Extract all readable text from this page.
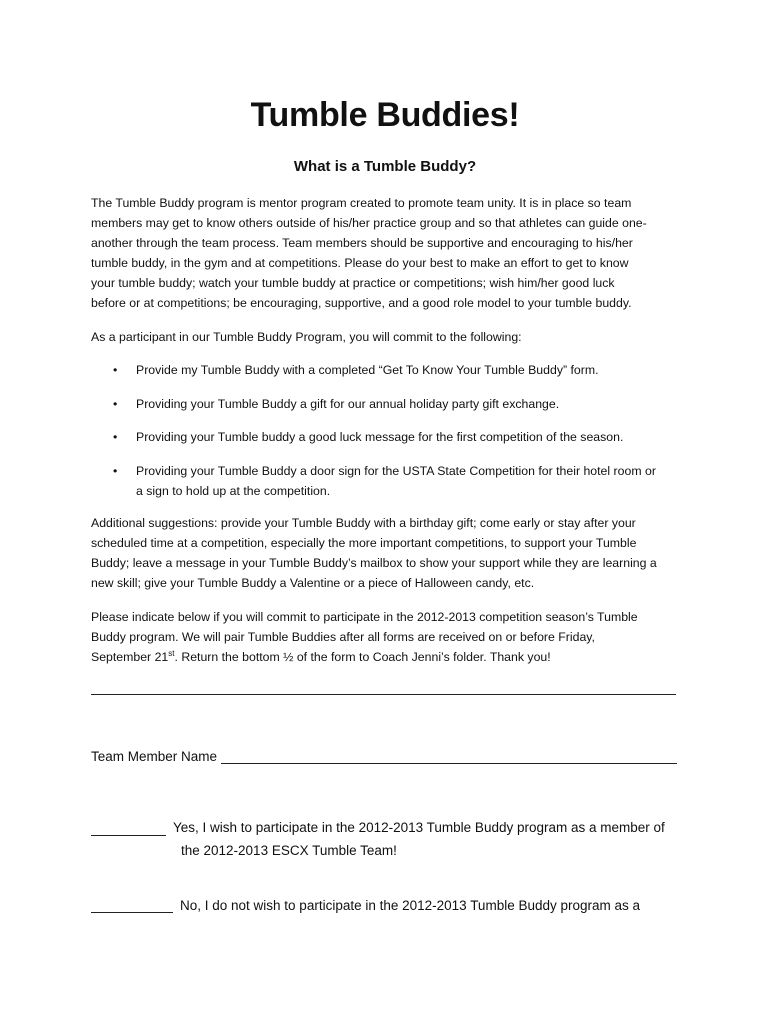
Tumble Buddies!
What is a Tumble Buddy?

The Tumble Buddy program is mentor program created to promote team unity. It is in place so team

members may get to know others outside of his/her practice group and so that athletes can guide one-

another through the team process. Team members should be supportive and encouraging to his/her

tumble buddy, in the gym and at competitions. Please do your best to make an effort to get to know

your tumble buddy; watch your tumble buddy at practice or competitions; wish him/her good luck

before or at competitions; be encouraging, supportive, and a good role model to your tumble buddy.

As a participant in our Tumble Buddy Program, you will commit to the following:

• Provide my Tumble Buddy with a completed “Get To Know Your Tumble Buddy” form.

• Providing your Tumble Buddy a gift for our annual holiday party gift exchange.

• Providing your Tumble buddy a good luck message for the first competition of the season.

• Providing your Tumble Buddy a door sign for the USTA State Competition for their hotel room or

a sign to hold up at the competition.

Additional suggestions: provide your Tumble Buddy with a birthday gift; come early or stay after your

scheduled time at a competition, especially the more important competitions, to support your Tumble

Buddy; leave a message in your Tumble Buddy’s mailbox to show your support while they are learning a

new skill; give your Tumble Buddy a Valentine or a piece of Halloween candy, etc.

Please indicate below if you will commit to participate in the 2012-2013 competition season’s Tumble

Buddy program. We will pair Tumble Buddies after all forms are received on or before Friday,

September 21st. Return the bottom ½ of the form to Coach Jenni’s folder. Thank you!

Team Member Name

Yes, I wish to participate in the 2012-2013 Tumble Buddy program as a member of

the 2012-2013 ESCX Tumble Team!

No, I do not wish to participate in the 2012-2013 Tumble Buddy program as a
